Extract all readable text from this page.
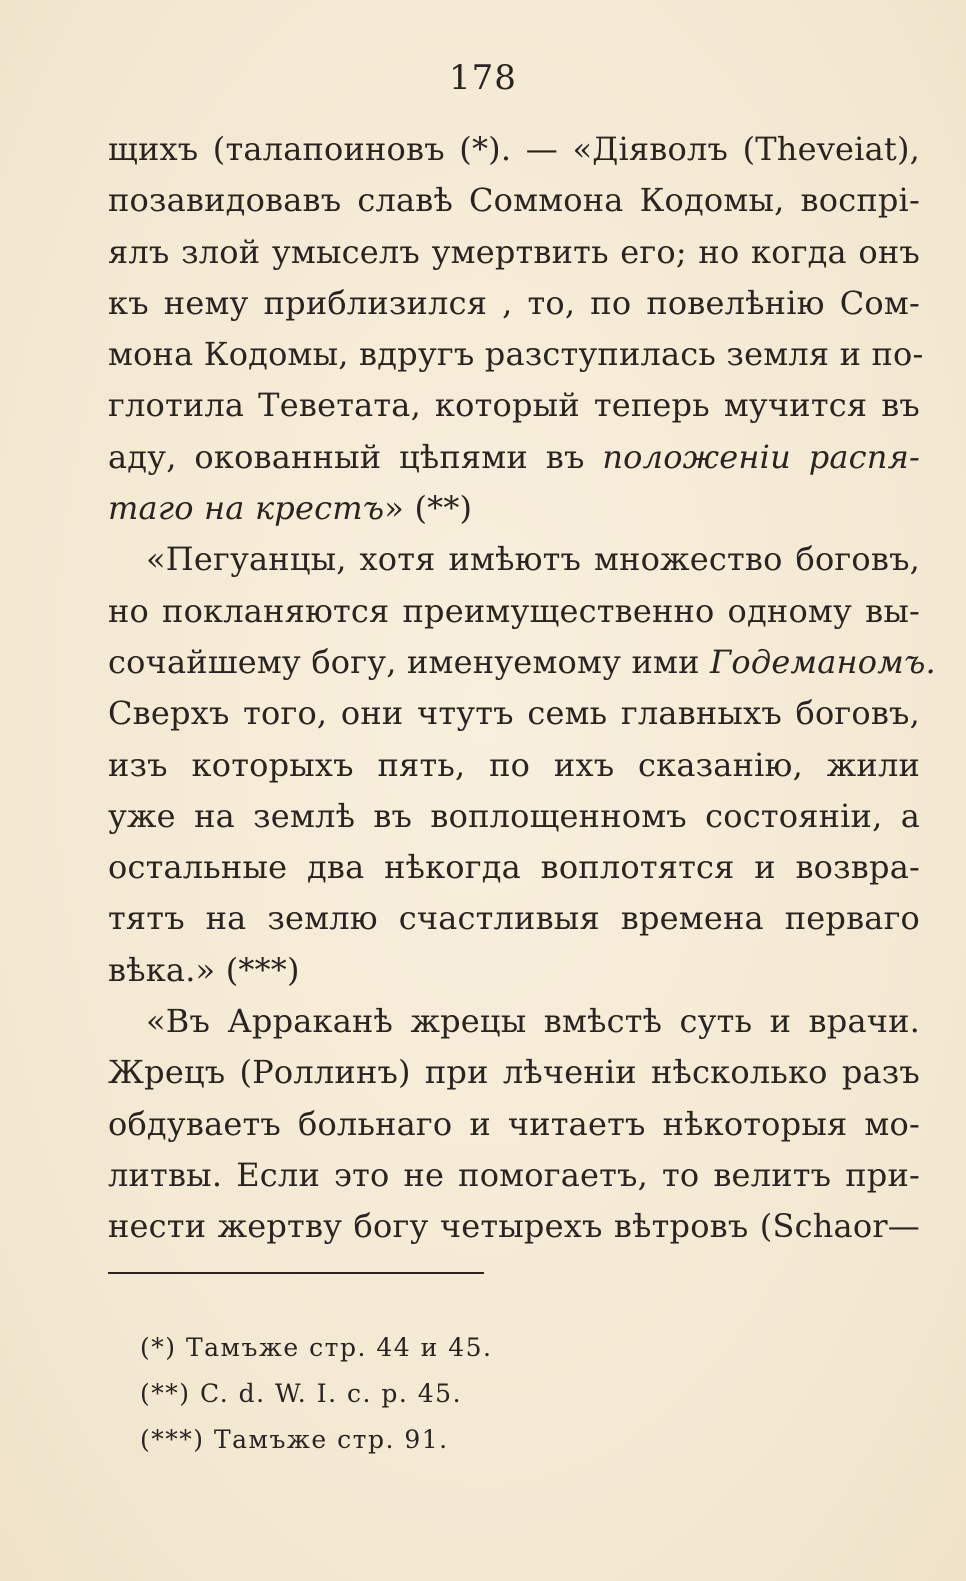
178

щихъ (талапоиновъ (*). — «Дiяволъ (Theveiat),
позавидовавъ славѣ Соммона Кодомы, воспрi-
ялъ злой умыселъ умертвить его; но когда онъ
къ нему приблизился , то, по повелѣнiю Сом-
мона Кодомы, вдругъ разступилась земля и по-
глотила Теветата, который теперь мучится въ
аду, окованный цѣпями въ положенiи распя-
таго на крестъ» (**)

«Пегуанцы, хотя имѣютъ множество боговъ,

но покланяются преимущественно одному вы-
сочайшему богу, именуемому ими Годеманомъ.
Сверхъ того, они чтутъ семь главныхъ боговъ,
изъ которыхъ пять, по ихъ сказанiю, жили
уже на землѣ въ воплощенномъ состоянiи, а
остальные два нѣкогда воплотятся и возвра-
тятъ на землю счастливыя времена перваго
вѣка.» (***)

«Въ Арраканѣ жрецы вмѣстѣ суть и врачи.

Жрецъ (Роллинъ) при лѣченiи нѣсколько разъ
обдуваетъ больнаго и читаетъ нѣкоторыя мо-
литвы. Если это не помогаетъ, то велитъ при-
нести жертву богу четырехъ вѣтровъ (Schaor—

(*) Тамъже стр. 44 и 45.
(**) C. d. W. I. c. p. 45.
(***) Тамъже стр. 91.
